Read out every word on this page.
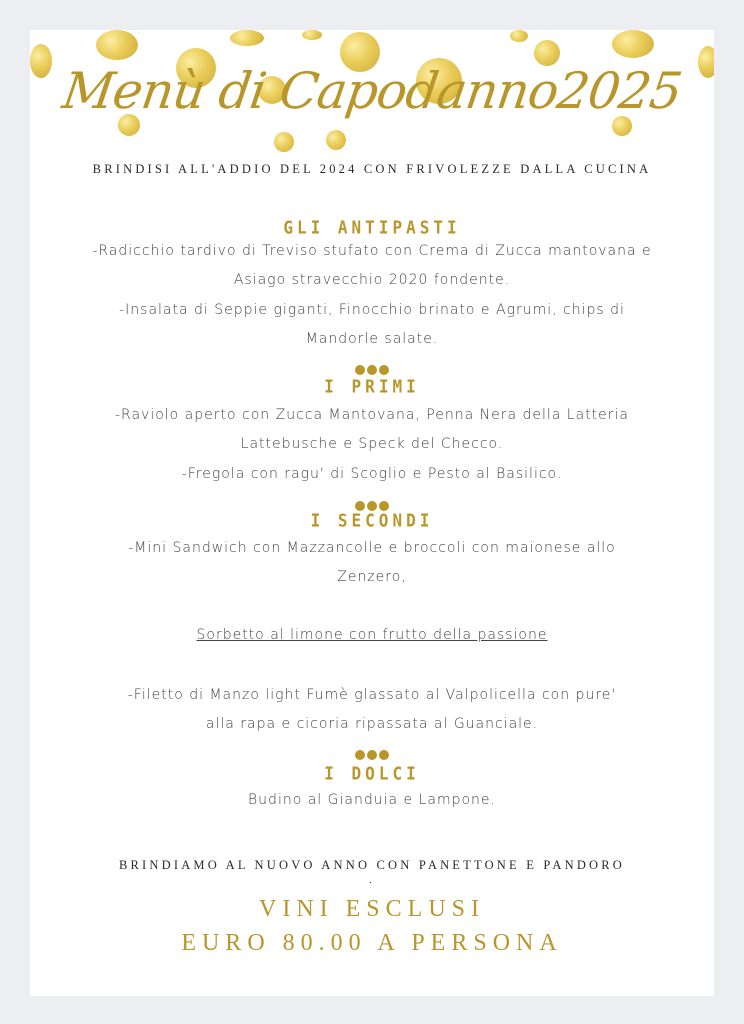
Menù di Capodanno2025
BRINDISI ALL'ADDIO DEL 2024 CON FRIVOLEZZE DALLA CUCINA
GLI ANTIPASTI
-Radicchio tardivo di Treviso stufato con Crema di Zucca mantovana e
Asiago stravecchio 2020 fondente.
-Insalata di Seppie giganti, Finocchio brinato e Agrumi, chips di
Mandorle salate.
I PRIMI
-Raviolo aperto con Zucca Mantovana, Penna Nera della Latteria
Lattebusche e Speck del Checco.
-Fregola con ragu' di Scoglio e Pesto al Basilico.
I SECONDI
-Mini Sandwich con Mazzancolle e broccoli con maionese allo
Zenzero,
Sorbetto al limone con frutto della passione
-Filetto di Manzo light Fumè glassato al Valpolicella con pure'
alla rapa e cicoria ripassata al Guanciale.
I DOLCI
Budino al Gianduia e Lampone.
BRINDIAMO AL NUOVO ANNO CON PANETTONE E PANDORO
.
VINI ESCLUSI
EURO 80.00 A PERSONA
